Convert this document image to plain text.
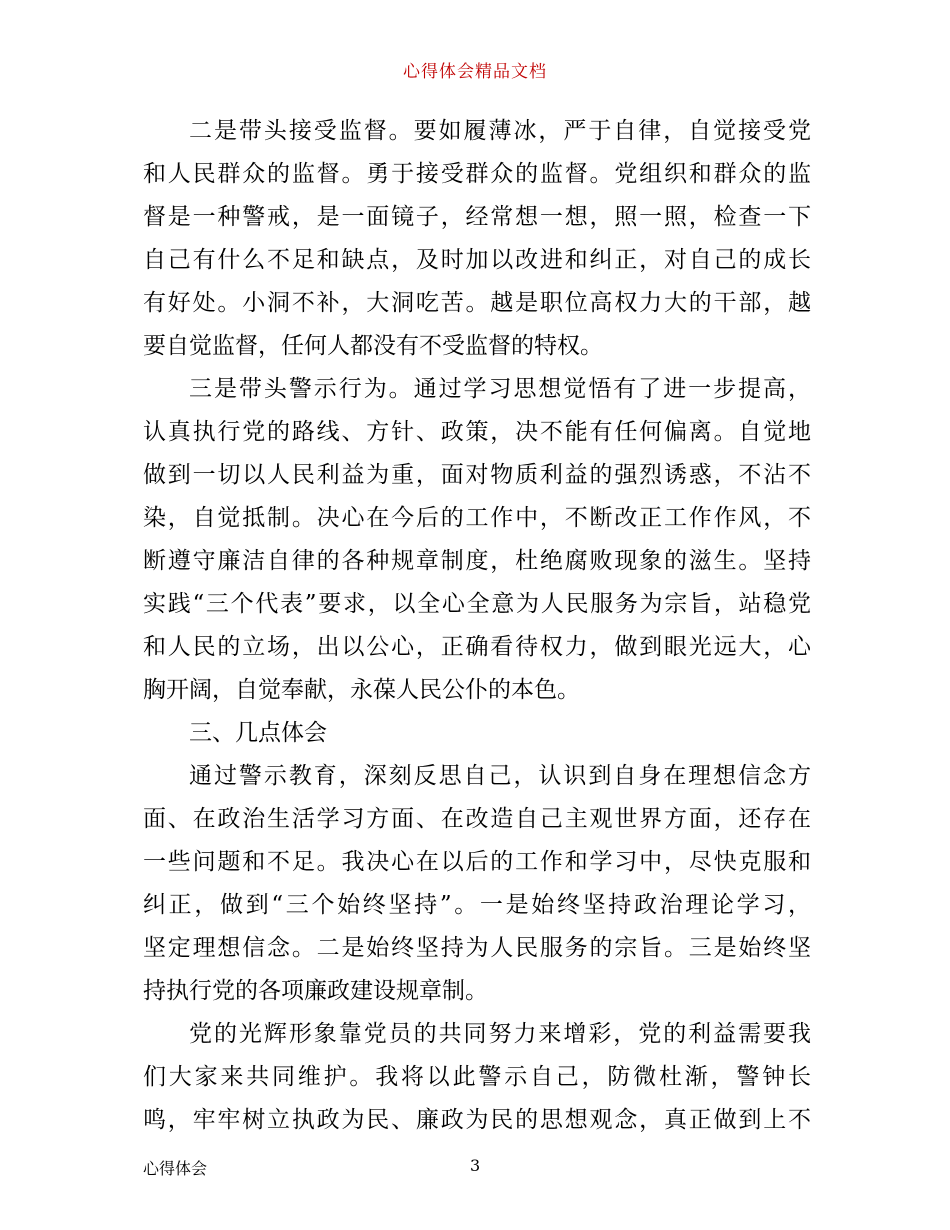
心得体会精品文档
二是带头接受监督。要如履薄冰，严于自律，自觉接受党
和人民群众的监督。勇于接受群众的监督。党组织和群众的监
督是一种警戒，是一面镜子，经常想一想，照一照，检查一下
自己有什么不足和缺点，及时加以改进和纠正，对自己的成长
有好处。小洞不补，大洞吃苦。越是职位高权力大的干部，越
要自觉监督，任何人都没有不受监督的特权。
三是带头警示行为。通过学习思想觉悟有了进一步提高，
认真执行党的路线、方针、政策，决不能有任何偏离。自觉地
做到一切以人民利益为重，面对物质利益的强烈诱惑，不沾不
染，自觉抵制。决心在今后的工作中，不断改正工作作风，不
断遵守廉洁自律的各种规章制度，杜绝腐败现象的滋生。坚持
实践“三个代表”要求，以全心全意为人民服务为宗旨，站稳党
和人民的立场，出以公心，正确看待权力，做到眼光远大，心
胸开阔，自觉奉献，永葆人民公仆的本色。
三、几点体会
通过警示教育，深刻反思自己，认识到自身在理想信念方
面、在政治生活学习方面、在改造自己主观世界方面，还存在
一些问题和不足。我决心在以后的工作和学习中，尽快克服和
纠正，做到“三个始终坚持”。一是始终坚持政治理论学习，
坚定理想信念。二是始终坚持为人民服务的宗旨。三是始终坚
持执行党的各项廉政建设规章制。
党的光辉形象靠党员的共同努力来增彩，党的利益需要我
们大家来共同维护。我将以此警示自己，防微杜渐，警钟长
鸣，牢牢树立执政为民、廉政为民的思想观念，真正做到上不
心得体会	3
